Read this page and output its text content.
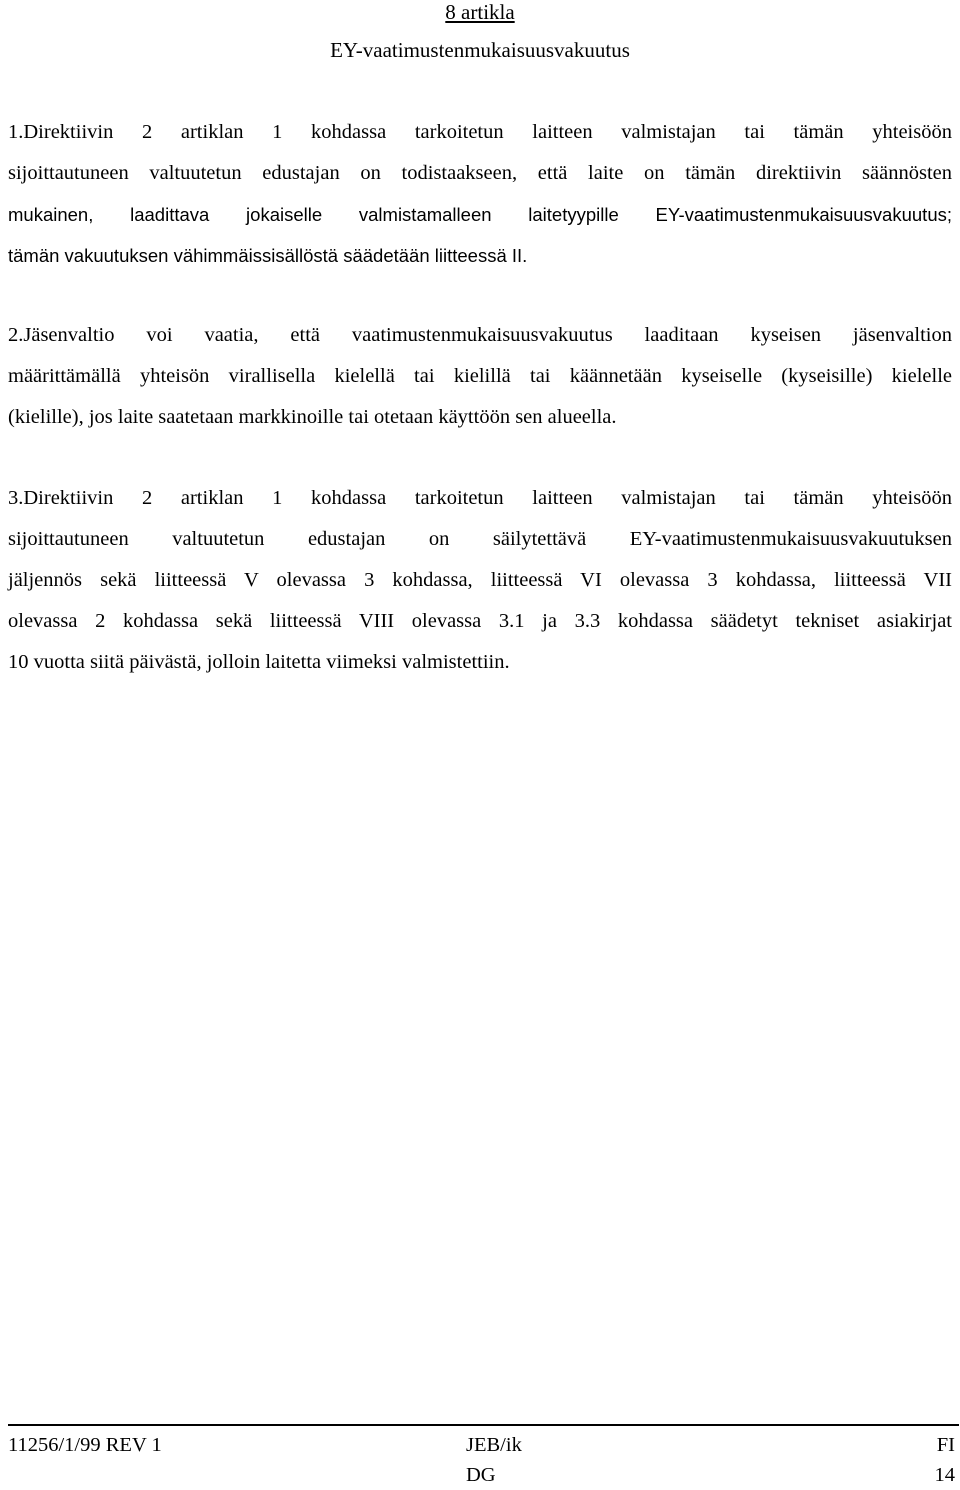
8 artikla
EY-vaatimustenmukaisuusvakuutus
1.Direktiivin 2 artiklan 1 kohdassa tarkoitetun laitteen valmistajan tai tämän yhteisöön
sijoittautuneen valtuutetun edustajan on todistaakseen, että laite on tämän direktiivin säännösten
mukainen, laadittava jokaiselle valmistamalleen laitetyypille EY-vaatimustenmukaisuusvakuutus;
tämän vakuutuksen vähimmäissisällöstä säädetään liitteessä II.
2.Jäsenvaltio voi vaatia, että vaatimustenmukaisuusvakuutus laaditaan kyseisen jäsenvaltion
määrittämällä yhteisön virallisella kielellä tai kielillä tai käännetään kyseiselle (kyseisille) kielelle
(kielille), jos laite saatetaan markkinoille tai otetaan käyttöön sen alueella.
3.Direktiivin 2 artiklan 1 kohdassa tarkoitetun laitteen valmistajan tai tämän yhteisöön
sijoittautuneen valtuutetun edustajan on säilytettävä EY-vaatimustenmukaisuusvakuutuksen
jäljennös sekä liitteessä V olevassa 3 kohdassa, liitteessä VI olevassa 3 kohdassa, liitteessä VII
olevassa 2 kohdassa sekä liitteessä VIII olevassa 3.1 ja 3.3 kohdassa säädetyt tekniset asiakirjat
10 vuotta siitä päivästä, jolloin laitetta viimeksi valmistettiin.
11256/1/99 REV 1	JEB/ik
DG
FI
14
